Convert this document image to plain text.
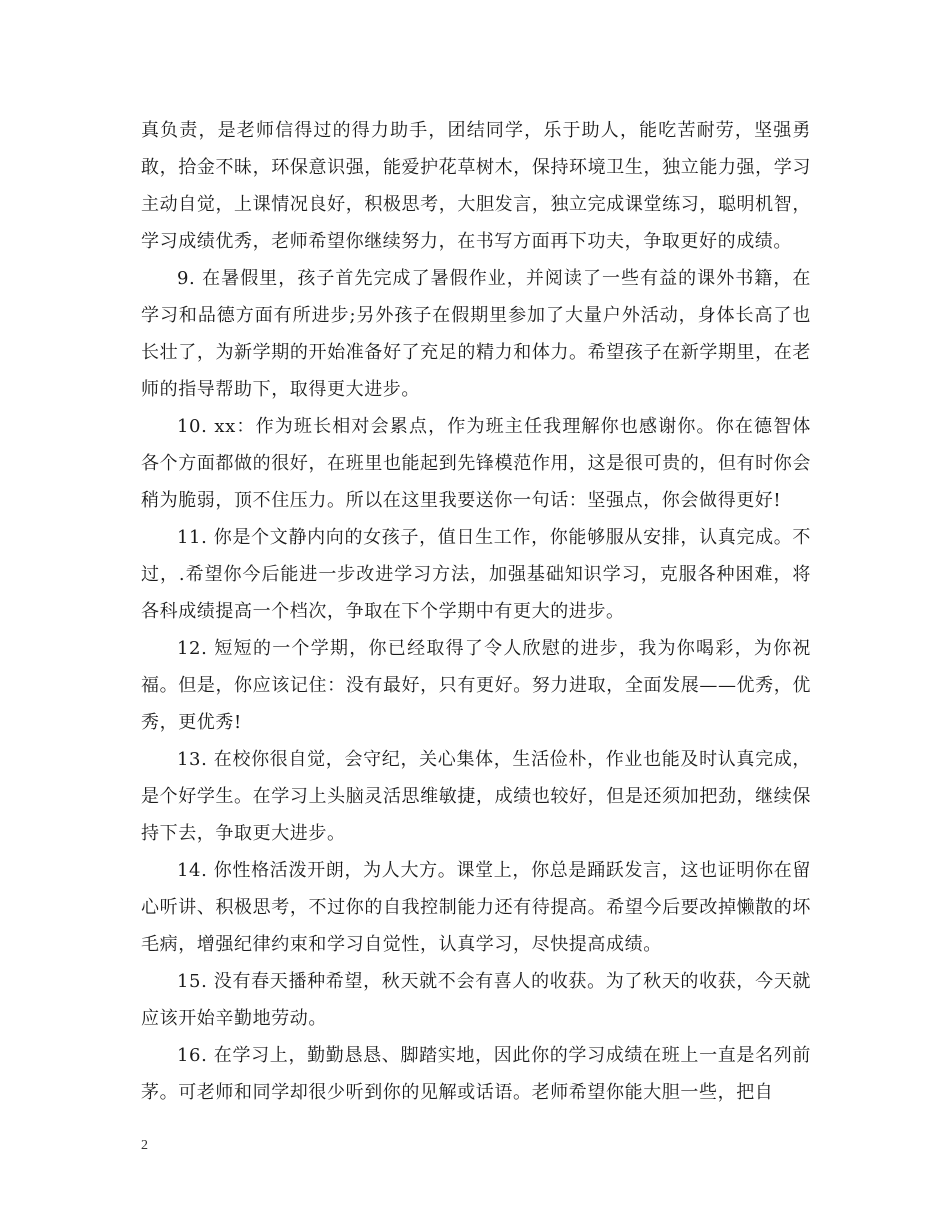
真负责，是老师信得过的得力助手，团结同学，乐于助人，能吃苦耐劳，坚强勇敢，拾金不昧，环保意识强，能爱护花草树木，保持环境卫生，独立能力强，学习主动自觉，上课情况良好，积极思考，大胆发言，独立完成课堂练习，聪明机智，学习成绩优秀，老师希望你继续努力，在书写方面再下功夫，争取更好的成绩。

9. 在暑假里，孩子首先完成了暑假作业，并阅读了一些有益的课外书籍，在学习和品德方面有所进步;另外孩子在假期里参加了大量户外活动，身体长高了也长壮了，为新学期的开始准备好了充足的精力和体力。希望孩子在新学期里，在老师的指导帮助下，取得更大进步。

10. xx：作为班长相对会累点，作为班主任我理解你也感谢你。你在德智体各个方面都做的很好，在班里也能起到先锋模范作用，这是很可贵的，但有时你会稍为脆弱，顶不住压力。所以在这里我要送你一句话：坚强点，你会做得更好!

11. 你是个文静内向的女孩子，值日生工作，你能够服从安排，认真完成。不过，.希望你今后能进一步改进学习方法，加强基础知识学习，克服各种困难，将各科成绩提高一个档次，争取在下个学期中有更大的进步。

12. 短短的一个学期，你已经取得了令人欣慰的进步，我为你喝彩，为你祝福。但是，你应该记住：没有最好，只有更好。努力进取，全面发展——优秀，优秀，更优秀!

13. 在校你很自觉，会守纪，关心集体，生活俭朴，作业也能及时认真完成，是个好学生。在学习上头脑灵活思维敏捷，成绩也较好，但是还须加把劲，继续保持下去，争取更大进步。

14. 你性格活泼开朗，为人大方。课堂上，你总是踊跃发言，这也证明你在留心听讲、积极思考，不过你的自我控制能力还有待提高。希望今后要改掉懒散的坏毛病，增强纪律约束和学习自觉性，认真学习，尽快提高成绩。

15. 没有春天播种希望，秋天就不会有喜人的收获。为了秋天的收获，今天就应该开始辛勤地劳动。

16. 在学习上，勤勤恳恳、脚踏实地，因此你的学习成绩在班上一直是名列前茅。可老师和同学却很少听到你的见解或话语。老师希望你能大胆一些，把自

2
